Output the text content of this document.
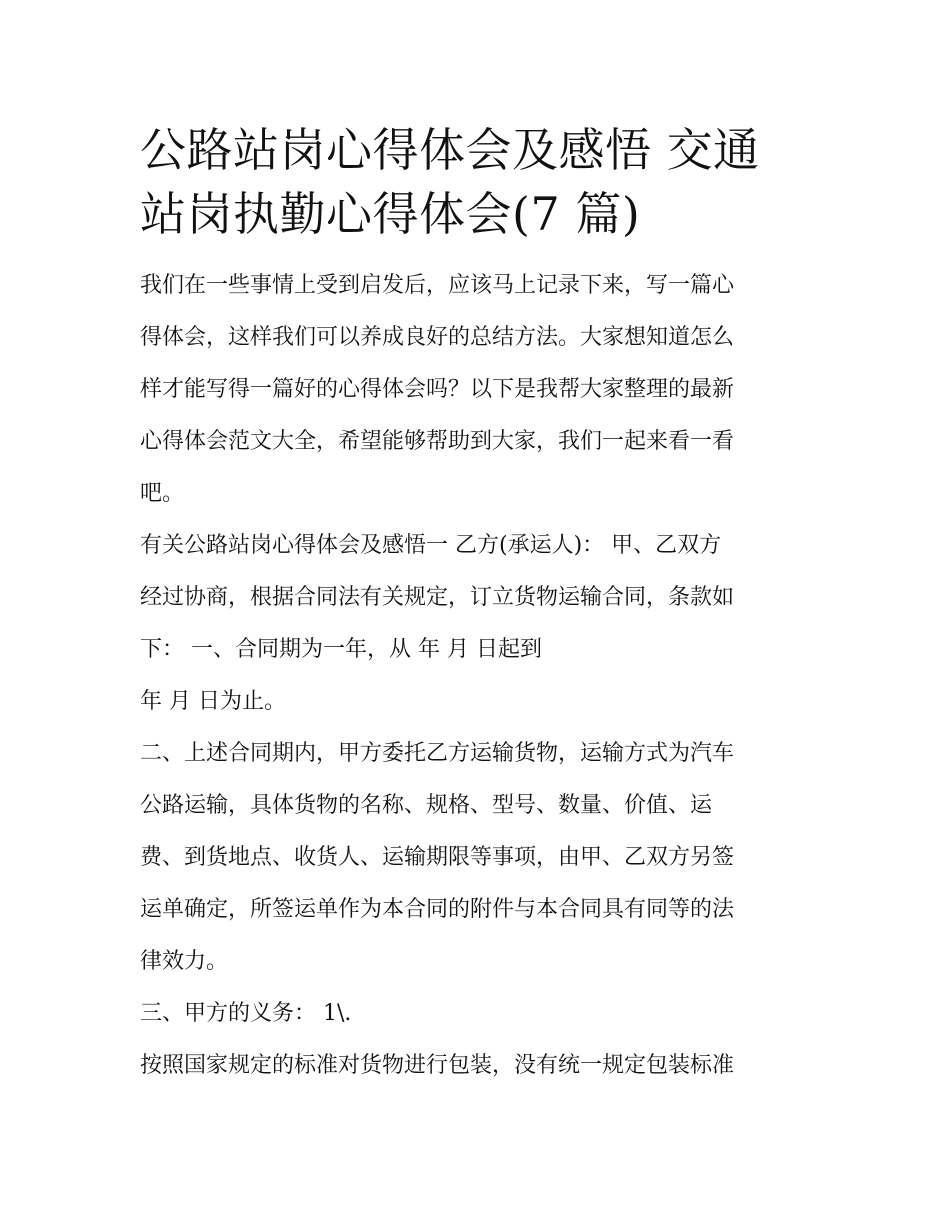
公路站岗心得体会及感悟 交通
站岗执勤心得体会(7 篇)

我们在一些事情上受到启发后，应该马上记录下来，写一篇心
得体会，这样我们可以养成良好的总结方法。大家想知道怎么
样才能写得一篇好的心得体会吗？以下是我帮大家整理的最新
心得体会范文大全，希望能够帮助到大家，我们一起来看一看
吧。

有关公路站岗心得体会及感悟一 乙方(承运人)： 甲、乙双方
经过协商，根据合同法有关规定，订立货物运输合同，条款如
下： 一、合同期为一年，从 年 月 日起到

年 月 日为止。

二、上述合同期内，甲方委托乙方运输货物，运输方式为汽车
公路运输，具体货物的名称、规格、型号、数量、价值、运
费、到货地点、收货人、运输期限等事项，由甲、乙双方另签
运单确定，所签运单作为本合同的附件与本合同具有同等的法
律效力。

三、甲方的义务： 1\.

按照国家规定的标准对货物进行包装，没有统一规定包装标准
